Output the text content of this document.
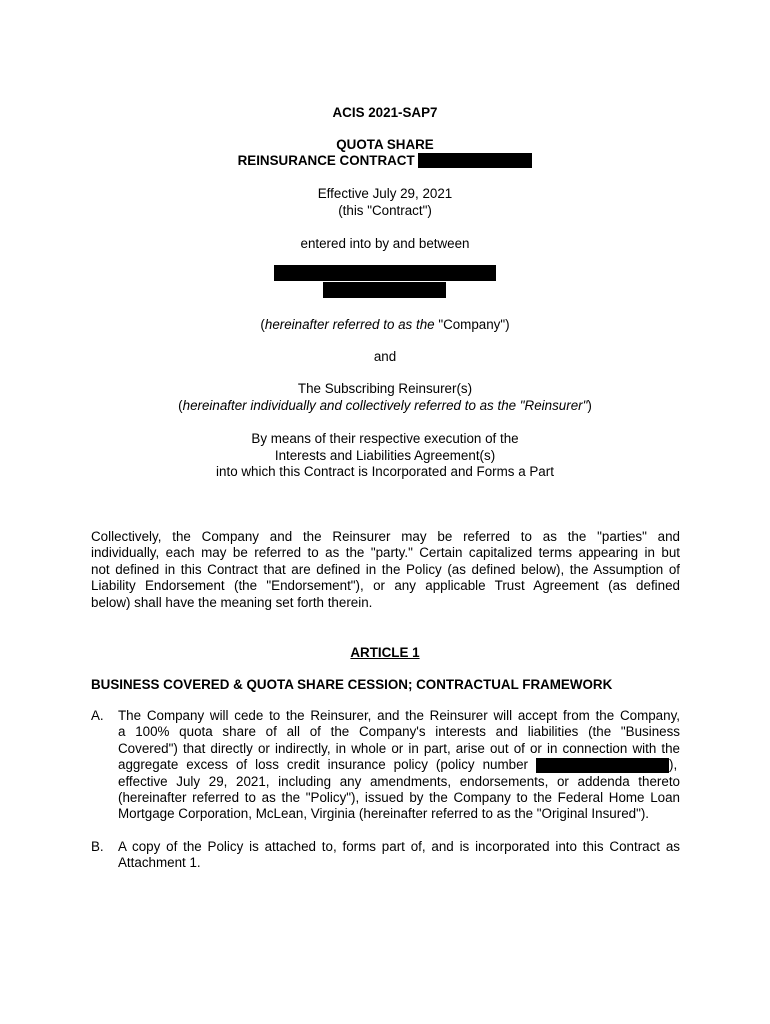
ACIS 2021-SAP7
QUOTA SHARE
REINSURANCE CONTRACT
Effective July 29, 2021
(this "Contract")
entered into by and between
(hereinafter referred to as the "Company")
and
The Subscribing Reinsurer(s)
(hereinafter individually and collectively referred to as the "Reinsurer")
By means of their respective execution of the
Interests and Liabilities Agreement(s)
into which this Contract is Incorporated and Forms a Part
Collectively, the Company and the Reinsurer may be referred to as the "parties" and
individually, each may be referred to as the "party." Certain capitalized terms appearing in but
not defined in this Contract that are defined in the Policy (as defined below), the Assumption of
Liability Endorsement (the "Endorsement"), or any applicable Trust Agreement (as defined
below) shall have the meaning set forth therein.
ARTICLE 1
BUSINESS COVERED & QUOTA SHARE CESSION; CONTRACTUAL FRAMEWORK
A. The Company will cede to the Reinsurer, and the Reinsurer will accept from the Company,
a 100% quota share of all of the Company's interests and liabilities (the "Business
Covered") that directly or indirectly, in whole or in part, arise out of or in connection with the
aggregate excess of loss credit insurance policy (policy number	),
effective July 29, 2021, including any amendments, endorsements, or addenda thereto
(hereinafter referred to as the "Policy"), issued by the Company to the Federal Home Loan
Mortgage Corporation, McLean, Virginia (hereinafter referred to as the "Original Insured").
B. A copy of the Policy is attached to, forms part of, and is incorporated into this Contract as
Attachment 1.
